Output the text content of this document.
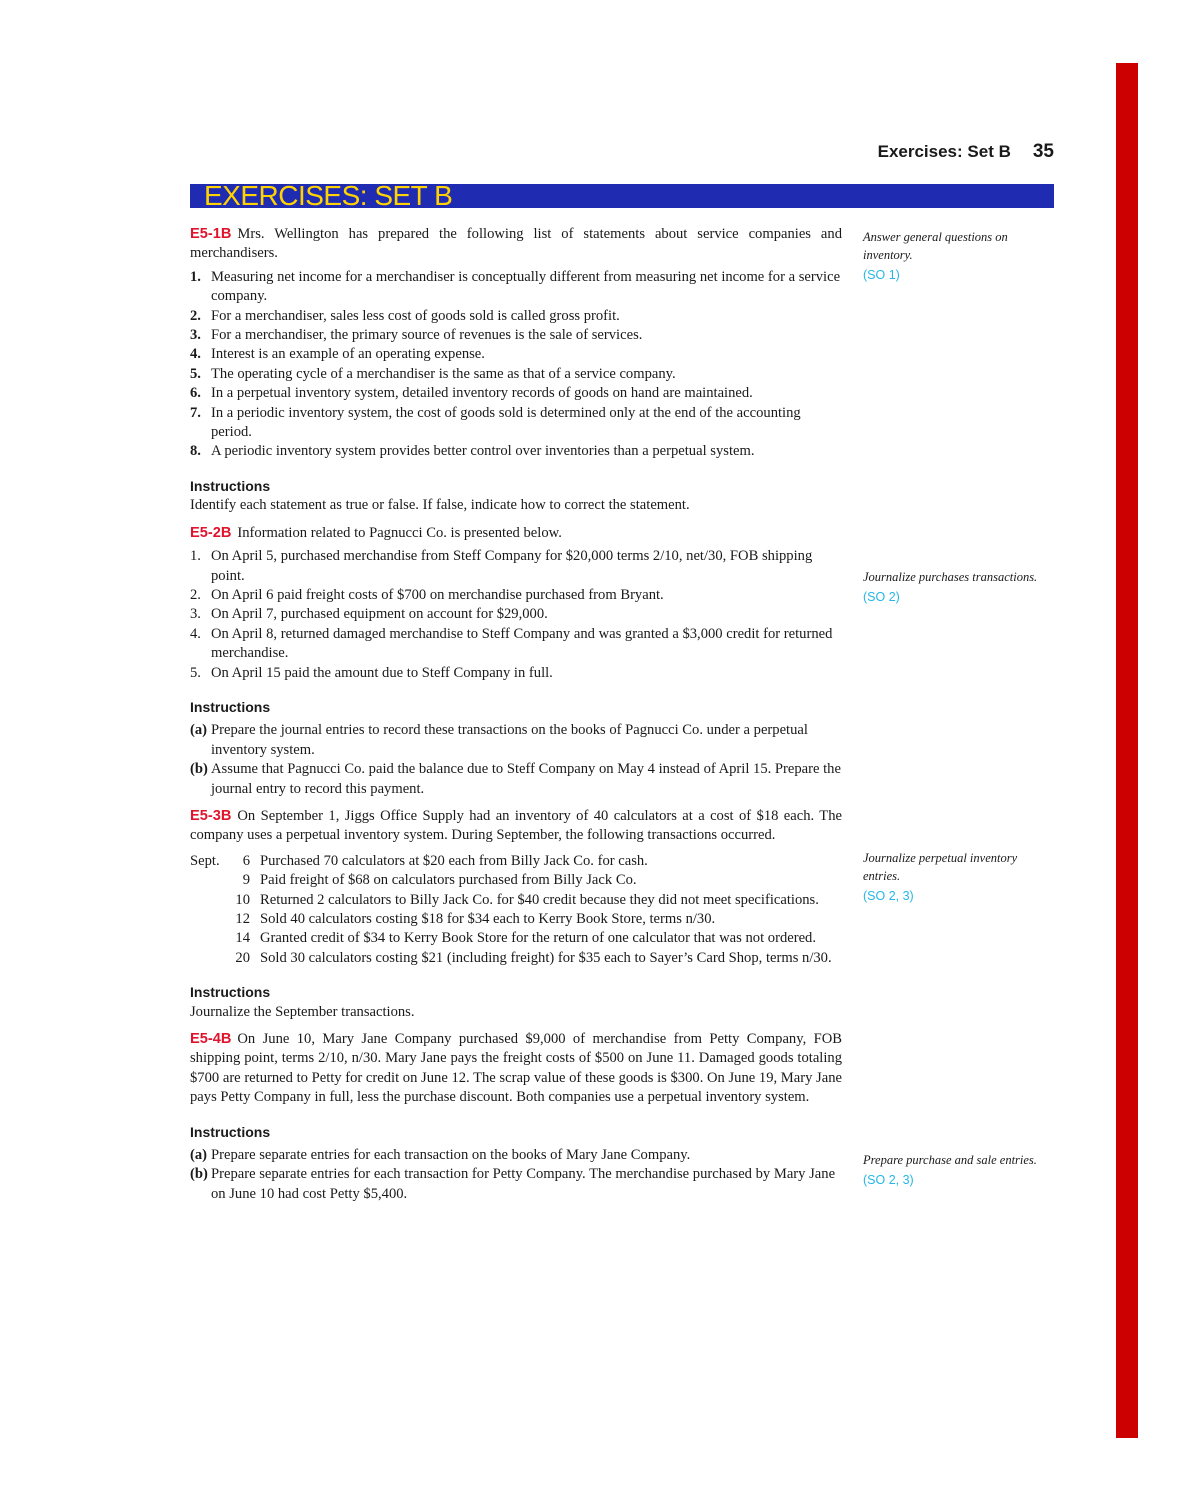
Exercises: Set B 35
EXERCISES: SET B

E5-1B Mrs. Wellington has prepared the following list of statements about service companies and merchandisers.

1. Measuring net income for a merchandiser is conceptually different from measuring net income for a service company.
2. For a merchandiser, sales less cost of goods sold is called gross profit.
3. For a merchandiser, the primary source of revenues is the sale of services.
4. Interest is an example of an operating expense.
5. The operating cycle of a merchandiser is the same as that of a service company.
6. In a perpetual inventory system, detailed inventory records of goods on hand are maintained.
7. In a periodic inventory system, the cost of goods sold is determined only at the end of the accounting period.
8. A periodic inventory system provides better control over inventories than a perpetual system.

Instructions

Identify each statement as true or false. If false, indicate how to correct the statement.

E5-2B Information related to Pagnucci Co. is presented below.

1. On April 5, purchased merchandise from Steff Company for $20,000 terms 2/10, net/30, FOB shipping point.
2. On April 6 paid freight costs of $700 on merchandise purchased from Bryant.
3. On April 7, purchased equipment on account for $29,000.
4. On April 8, returned damaged merchandise to Steff Company and was granted a $3,000 credit for returned merchandise.
5. On April 15 paid the amount due to Steff Company in full.

Instructions

(a) Prepare the journal entries to record these transactions on the books of Pagnucci Co. under a perpetual inventory system.
(b) Assume that Pagnucci Co. paid the balance due to Steff Company on May 4 instead of April 15. Prepare the journal entry to record this payment.

E5-3B On September 1, Jiggs Office Supply had an inventory of 40 calculators at a cost of $18 each. The company uses a perpetual inventory system. During September, the following transactions occurred.

Sept.	6 Purchased 70 calculators at $20 each from Billy Jack Co. for cash.
9 Paid freight of $68 on calculators purchased from Billy Jack Co.
10 Returned 2 calculators to Billy Jack Co. for $40 credit because they did not meet specifications.
12 Sold 40 calculators costing $18 for $34 each to Kerry Book Store, terms n/30.
14 Granted credit of $34 to Kerry Book Store for the return of one calculator that was not ordered.
20 Sold 30 calculators costing $21 (including freight) for $35 each to Sayer’s Card Shop, terms n/30.

Instructions

Journalize the September transactions.

E5-4B On June 10, Mary Jane Company purchased $9,000 of merchandise from Petty Company, FOB shipping point, terms 2/10, n/30. Mary Jane pays the freight costs of $500 on June 11. Damaged goods totaling $700 are returned to Petty for credit on June 12. The scrap value of these goods is $300. On June 19, Mary Jane pays Petty Company in full, less the purchase discount. Both companies use a perpetual inventory system.

Instructions

(a) Prepare separate entries for each transaction on the books of Mary Jane Company.
(b) Prepare separate entries for each transaction for Petty Company. The merchandise purchased by Mary Jane on June 10 had cost Petty $5,400.

Answer general questions on inventory.

(SO 1)

Journalize purchases transactions.

(SO 2)

Journalize perpetual inventory entries.

(SO 2, 3)

Prepare purchase and sale entries.

(SO 2, 3)
